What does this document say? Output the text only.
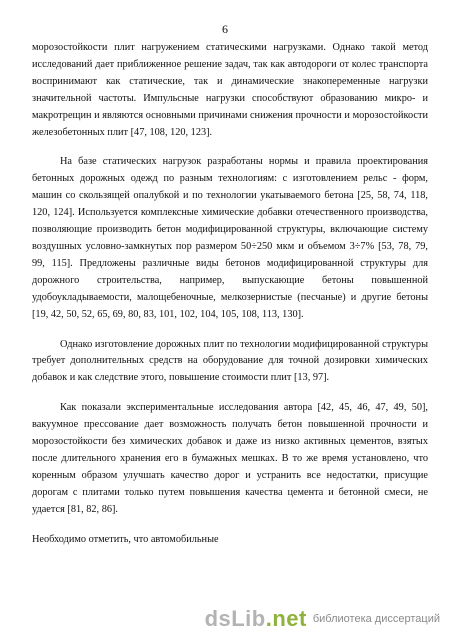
6

морозостойкости плит нагружением статическими нагрузками. Однако такой метод исследований дает приближенное решение задач, так как автодороги от колес транспорта воспринимают как статические, так и динамические знакопеременные нагрузки значительной частоты. Импульсные нагрузки способствуют образованию микро- и макротрещин и являются основными причинами снижения прочности и морозостойкости железобетонных плит [47, 108, 120, 123].

На базе статических нагрузок разработаны нормы и правила проектирования бетонных дорожных одежд по разным технологиям: с изготовлением рельс - форм, машин со скользящей опалубкой и по технологии укатываемого бетона [25, 58, 74, 118, 120, 124]. Используется комплексные химические добавки отечественного производства, позволяющие производить бетон модифицированной структуры, включающие систему воздушных условно-замкнутых пор размером 50÷250 мкм и объемом 3÷7% [53, 78, 79, 99, 115]. Предложены различные виды бетонов модифицированной структуры для дорожного строительства, например, выпускающие бетоны повышенной удобоукладываемости, малощебеночные, мелкозернистые (песчаные) и другие бетоны [19, 42, 50, 52, 65, 69, 80, 83, 101, 102, 104, 105, 108, 113, 130].

Однако изготовление дорожных плит по технологии модифицированной структуры требует дополнительных средств на оборудование для точной дозировки химических добавок и как следствие этого, повышение стоимости плит [13, 97].

Как показали экспериментальные исследования автора [42, 45, 46, 47, 49, 50], вакуумное прессование дает возможность получать бетон повышенной прочности и морозостойкости без химических добавок и даже из низко активных цементов, взятых после длительного хранения его в бумажных мешках. В то же время установлено, что коренным образом улучшать качество дорог и устранить все недостатки, присущие дорогам с плитами только путем повышения качества цемента и бетонной смеси, не удается [81, 82, 86].

Необходимо отметить, что автомобильные

dsLib.net библиотека диссертаций
